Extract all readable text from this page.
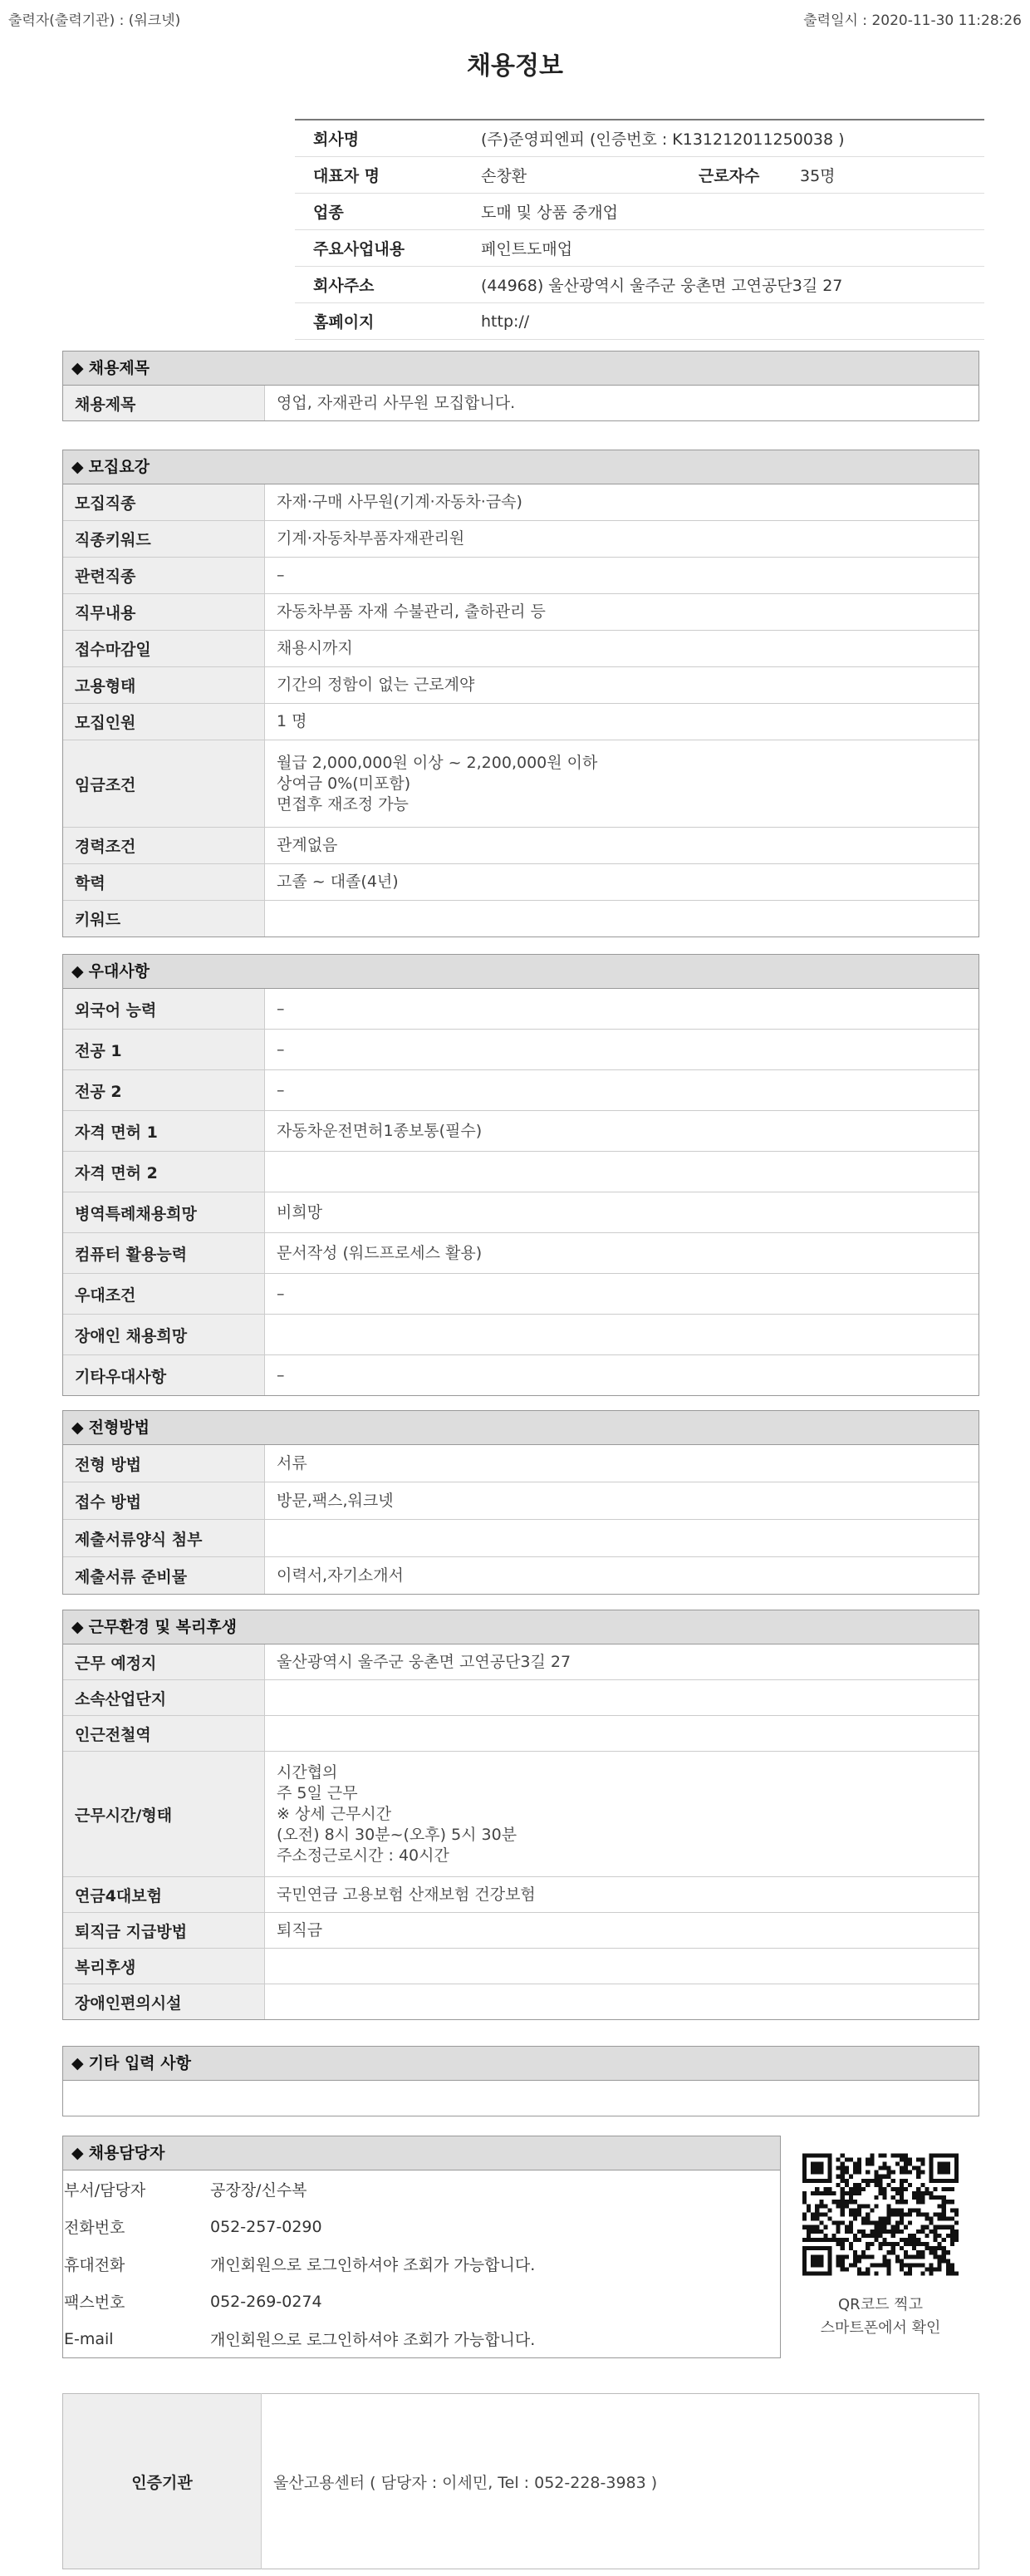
출력자(출력기관) : (워크넷)	출력일시 : 2020-11-30 11:28:26
채용정보
회사명	(주)준영피엔피 (인증번호 : K131212011250038 )		
대표자 명	손창환	근로자수	35명
업종	도매 및 상품 중개업		
주요사업내용	페인트도매업		
회사주소	(44968) 울산광역시 울주군 웅촌면 고연공단3길 27		
홈페이지	http://		
◆ 채용제목
채용제목	영업, 자재관리 사무원 모집합니다.
◆ 모집요강
모집직종	자재·구매 사무원(기계·자동차·금속)
직종키워드	기계·자동차부품자재관리원
관련직종	–
직무내용	자동차부품 자재 수불관리, 출하관리 등
접수마감일	채용시까지
고용형태	기간의 정함이 없는 근로계약
모집인원	1 명
임금조건	월급 2,000,000원 이상 ~ 2,200,000원 이하
상여금 0%(미포함)
면접후 재조정 가능
경력조건	관계없음
학력	고졸 ~ 대졸(4년)
키워드	
◆ 우대사항
외국어 능력	–
전공 1	–
전공 2	–
자격 면허 1	자동차운전면허1종보통(필수)
자격 면허 2	
병역특례채용희망	비희망
컴퓨터 활용능력	문서작성 (워드프로세스 활용)
우대조건	–
장애인 채용희망	
기타우대사항	–
◆ 전형방법
전형 방법	서류
접수 방법	방문,팩스,워크넷
제출서류양식 첨부	
제출서류 준비물	이력서,자기소개서
◆ 근무환경 및 복리후생
근무 예정지	울산광역시 울주군 웅촌면 고연공단3길 27
소속산업단지	
인근전철역	
근무시간/형태	시간협의
주 5일 근무
※ 상세 근무시간
(오전) 8시 30분~(오후) 5시 30분
주소정근로시간 : 40시간
연금4대보험	국민연금 고용보험 산재보험 건강보험
퇴직금 지급방법	퇴직금
복리후생	
장애인편의시설	
◆ 기타 입력 사항
◆ 채용담당자
부서/담당자	공장장/신수복
전화번호	052-257-0290
휴대전화	개인회원으로 로그인하셔야 조회가 가능합니다.
팩스번호	052-269-0274
E-mail	개인회원으로 로그인하셔야 조회가 가능합니다.
QR코드 찍고
스마트폰에서 확인
인증기관	울산고용센터 ( 담당자 : 이세민, Tel : 052-228-3983 )
